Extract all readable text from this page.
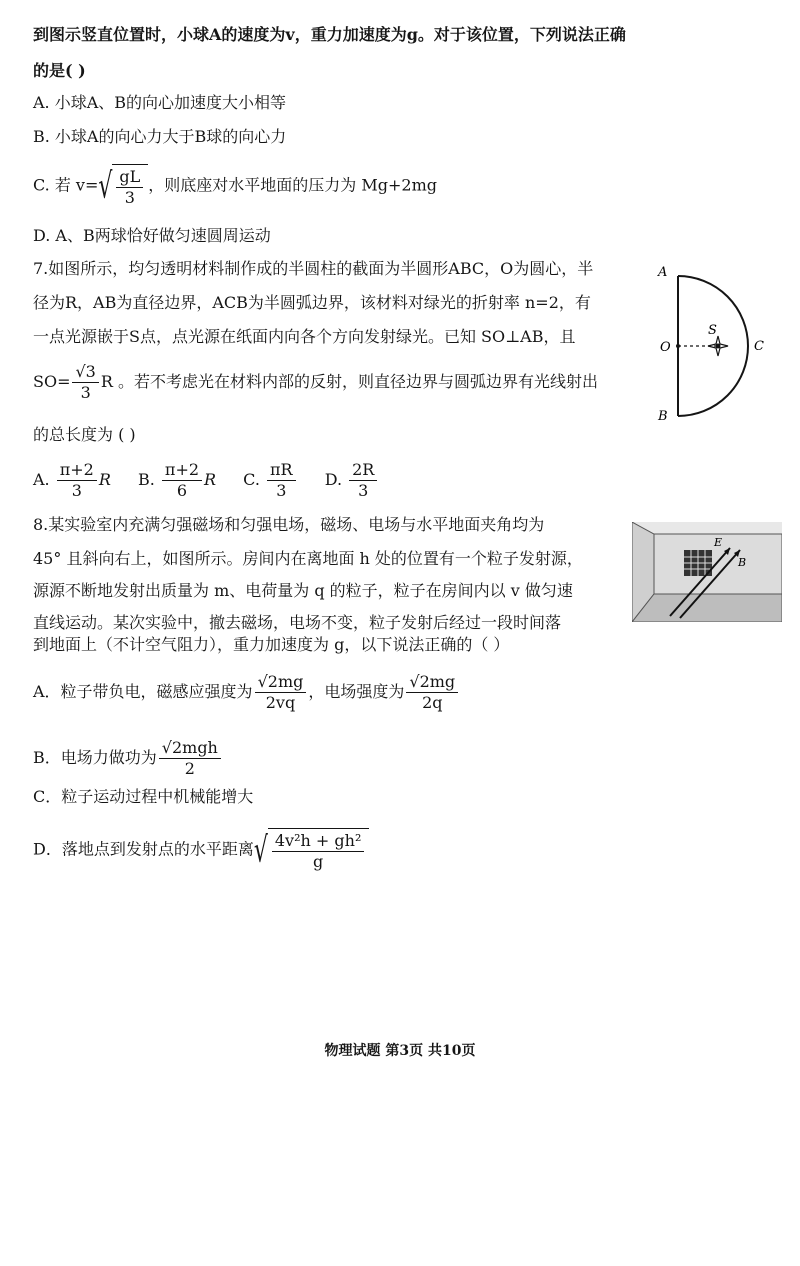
到图示竖直位置时，小球A的速度为v，重力加速度为g。对于该位置，下列说法正确
的是( )
A. 小球A、B的向心加速度大小相等
B. 小球A的向心力大于B球的向心力
C. 若 $v=√ \frac{gL}{3}$ ，则底座对水平地面的压力为 Mg+2mg
D. A、B两球恰好做匀速圆周运动
7.如图所示，均匀透明材料制作成的半圆柱的截面为半圆形ABC，O为圆心，半
径为R，AB为直径边界，ACB为半圆弧边界，该材料对绿光的折射率 n=2，有
一点光源嵌于S点，点光源在纸面内向各个方向发射绿光。已知 SO⊥AB，且
$SO= \frac{√3}{3}$ R 。若不考虑光在材料内部的反射，则直径边界与圆弧边界有光线射出
的总长度为 ( )
A. $\frac{\pi+2}{3}$ R B. $\frac{\pi+2}{6}$ R C. $\frac{\pi R}{3} D$. $\frac{2R}{3}$
A
B
C
O
S
8.某实验室内充满匀强磁场和匀强电场，磁场、电场与水平地面夹角均为
45° 且斜向右上，如图所示。房间内在离地面 h 处的位置有一个粒子发射源，
源源不断地发射出质量为 m、电荷量为 q 的粒子，粒子在房间内以 v 做匀速
直线运动。某次实验中，撤去磁场，电场不变，粒子发射后经过一段时间落
到地面上（不计空气阻力），重力加速度为 g，以下说法正确的（ ）
A．粒子带负电，磁感应强度为 $\frac{√2mg}{2vq}$ ，电场强度为 $\frac{√2mg}{2q}$
B．电场力做功为 $\frac{\text{√2mgh}}{2}$
C．粒子运动过程中机械能增大
D．落地点到发射点的水平距离√ $\frac{\text{4v²h + gh²}}{g}$
E
B
物理试题 第3页 共10页
